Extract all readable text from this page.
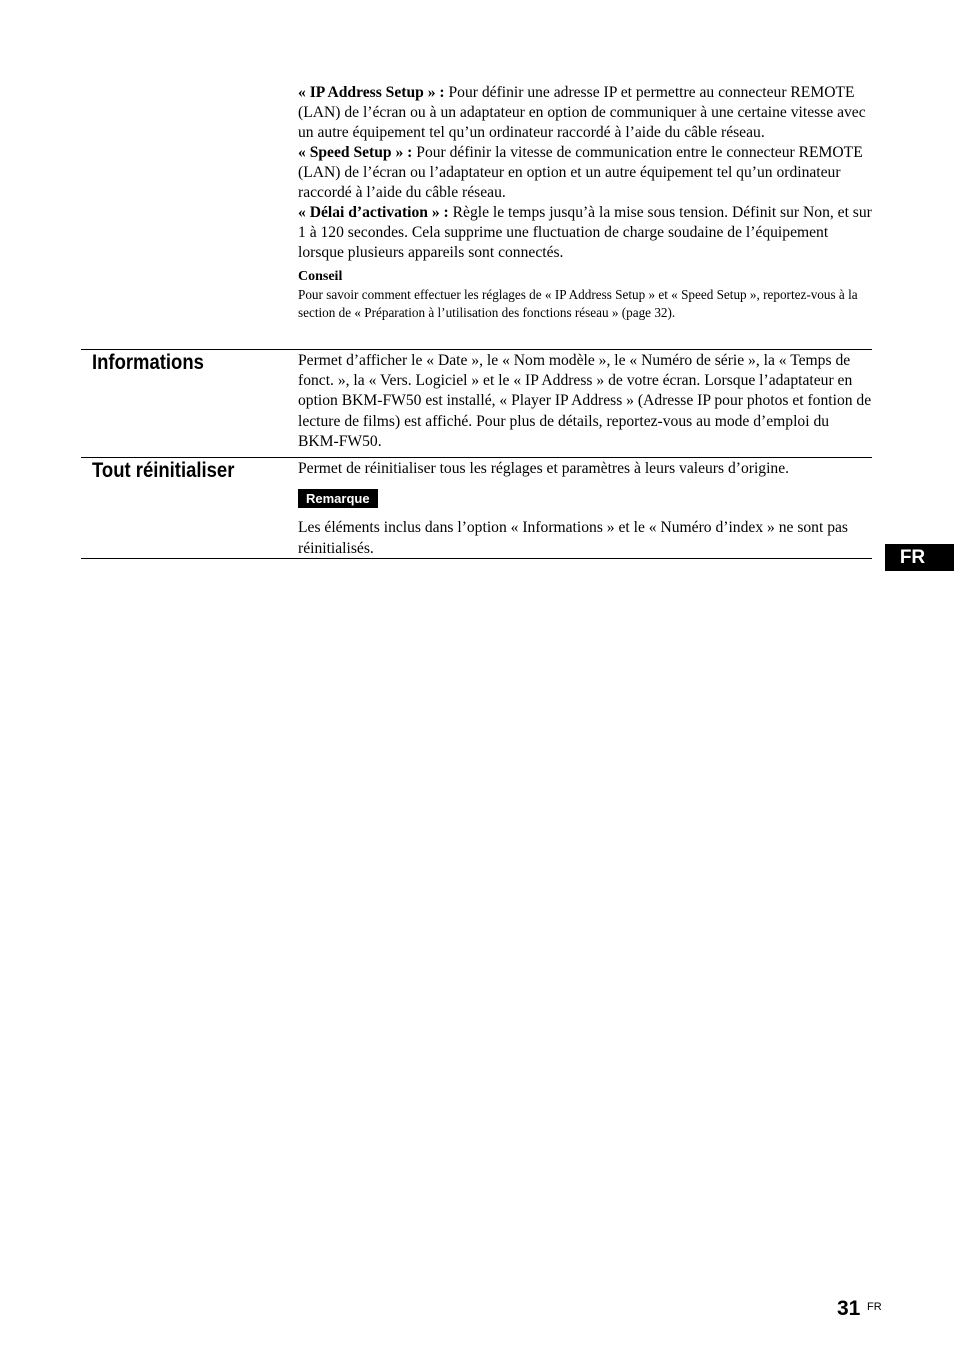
« IP Address Setup » : Pour définir une adresse IP et permettre au connecteur REMOTE (LAN) de l’écran ou à un adaptateur en option de communiquer à une certaine vitesse avec un autre équipement tel qu’un ordinateur raccordé à l’aide du câble réseau.

« Speed Setup » : Pour définir la vitesse de communication entre le connecteur REMOTE (LAN) de l’écran ou l’adaptateur en option et un autre équipement tel qu’un ordinateur raccordé à l’aide du câble réseau.

« Délai d’activation » : Règle le temps jusqu’à la mise sous tension. Définit sur Non, et sur 1 à 120 secondes. Cela supprime une fluctuation de charge soudaine de l’équipement lorsque plusieurs appareils sont connectés.

Conseil
Pour savoir comment effectuer les réglages de « IP Address Setup » et « Speed Setup », reportez-vous à la section de « Préparation à l’utilisation des fonctions réseau » (page 32).
Informations	Permet d’afficher le « Date », le « Nom modèle », le « Numéro de série », la « Temps de fonct. », la « Vers. Logiciel » et le « IP Address » de votre écran. Lorsque l’adaptateur en option BKM-FW50 est installé, « Player IP Address » (Adresse IP pour photos et fontion de lecture de films) est affiché. Pour plus de détails, reportez-vous au mode d’emploi du BKM-FW50.

Tout réinitialiser	Permet de réinitialiser tous les réglages et paramètres à leurs valeurs d’origine.

Remarque

Les éléments inclus dans l’option « Informations » et le « Numéro d’index » ne sont pas réinitialisés.	FR
31 FR
